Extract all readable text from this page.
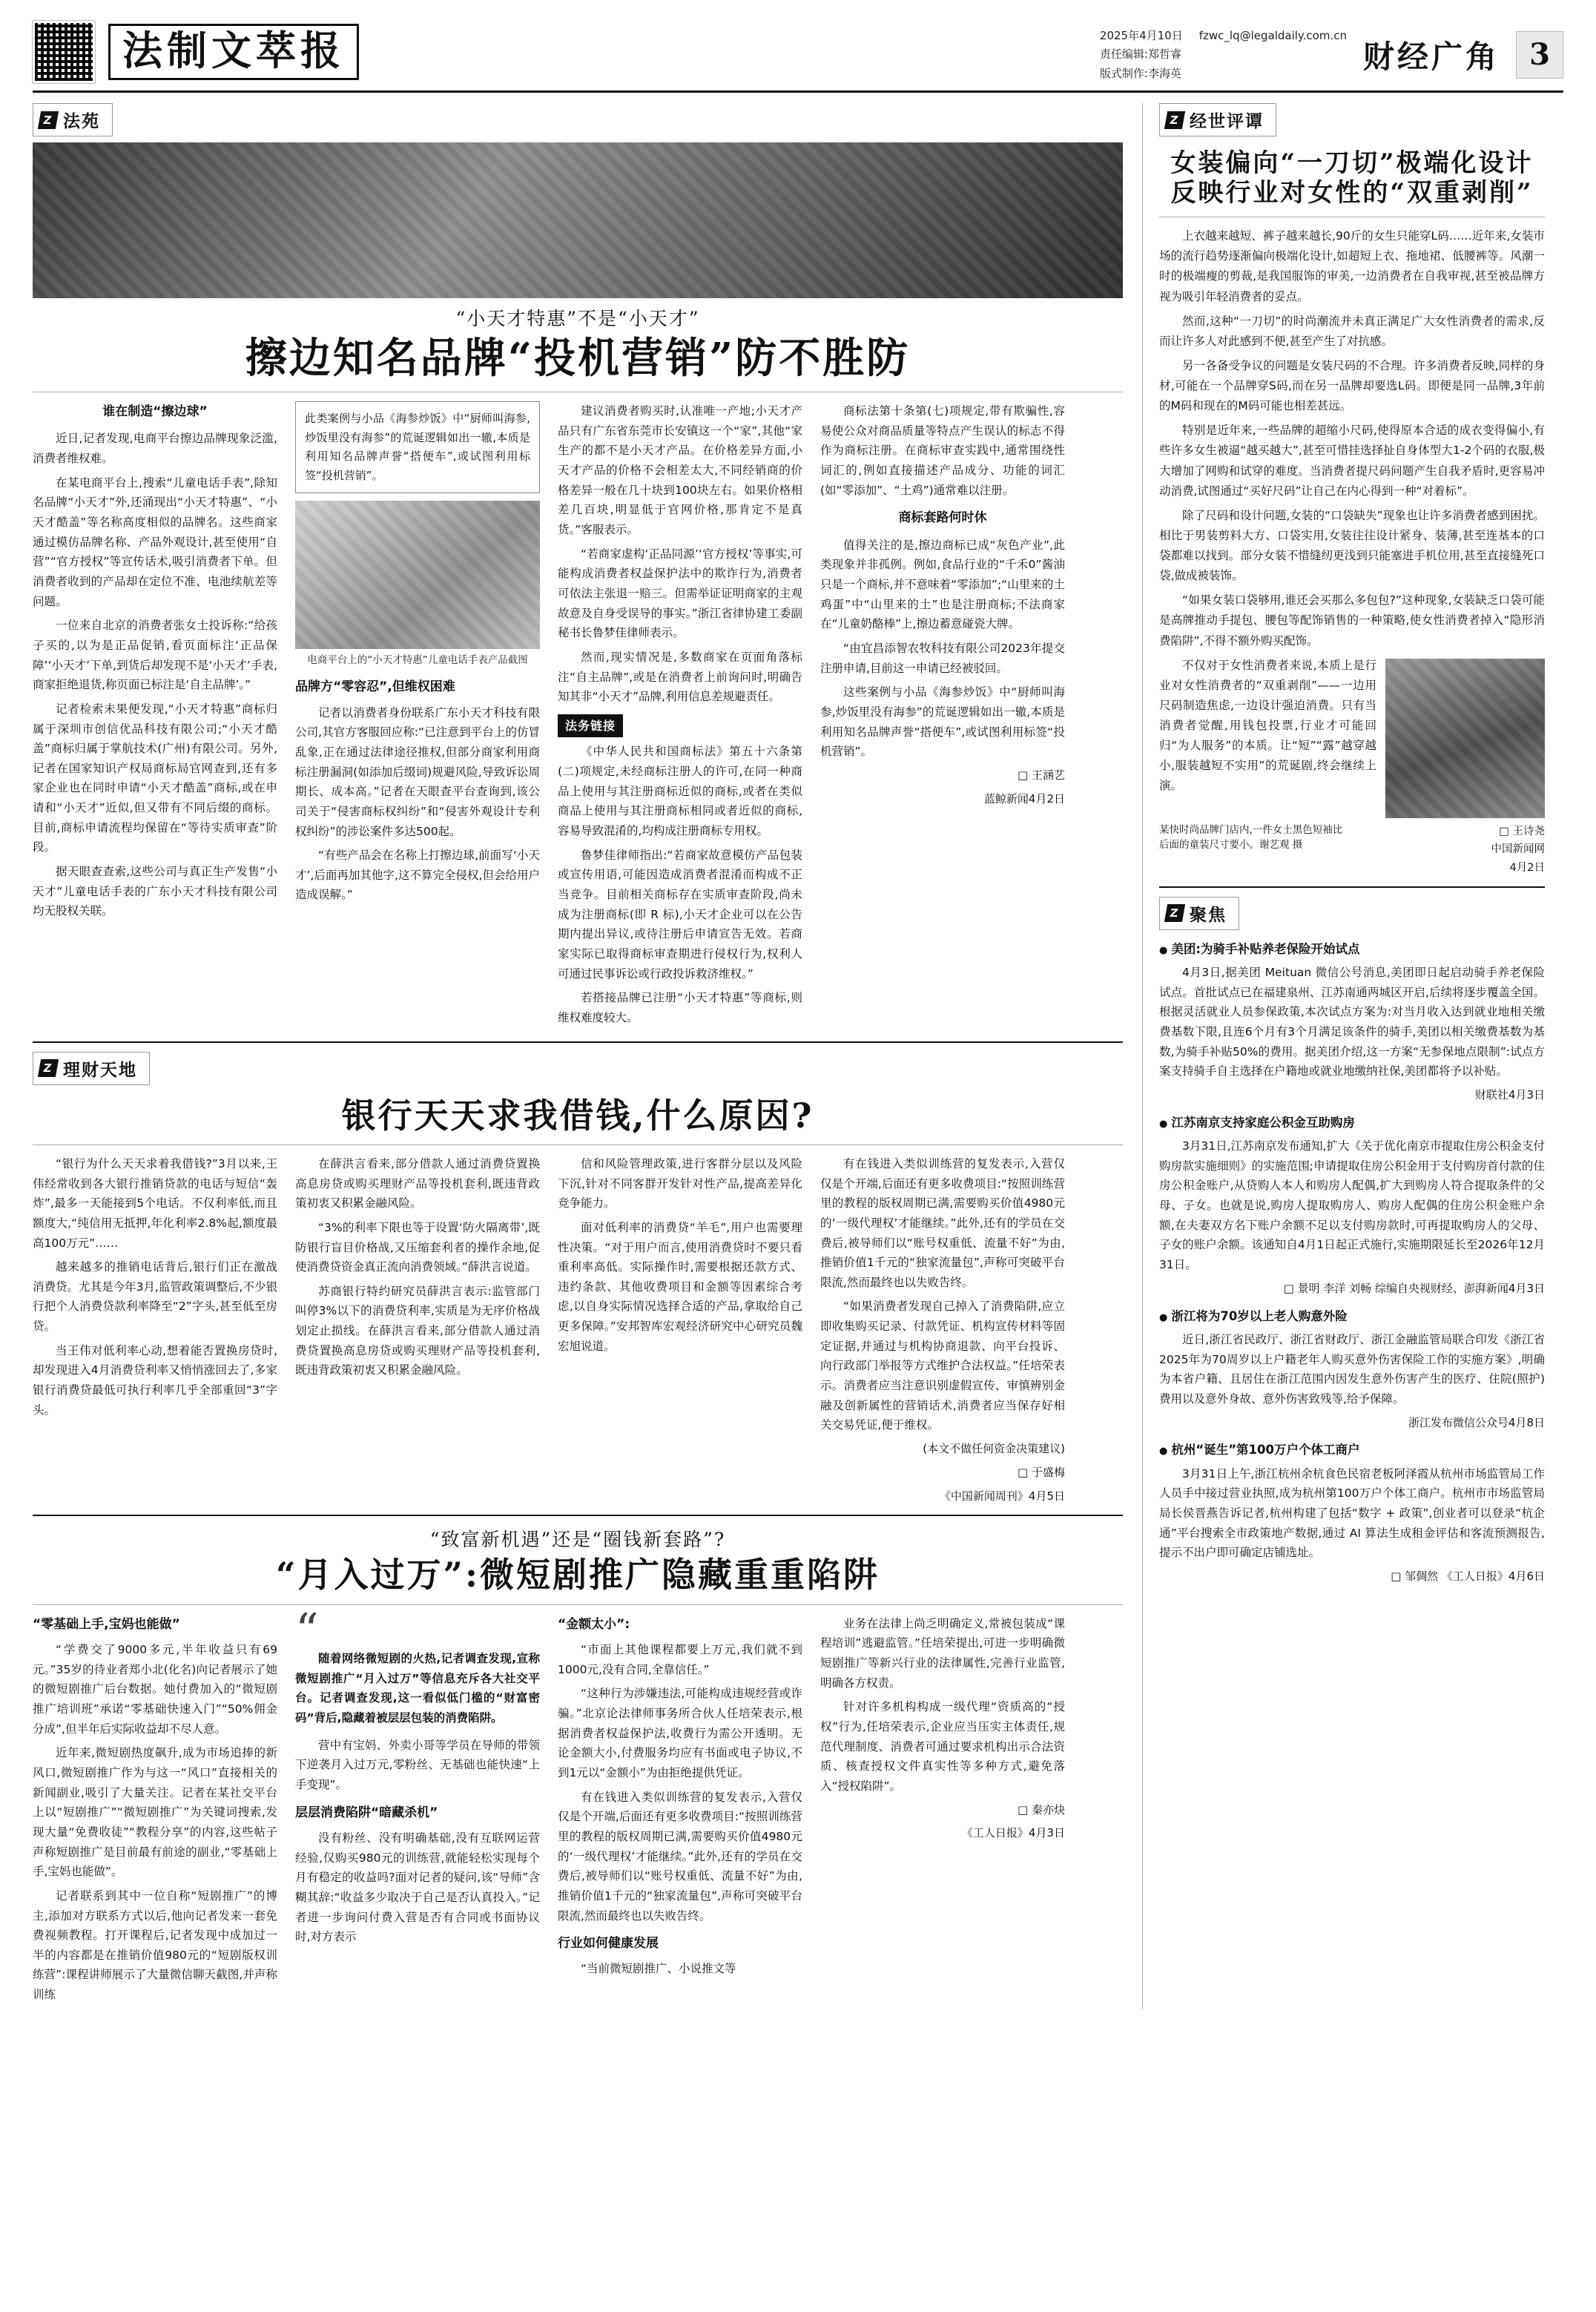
法制文萃报	2025年4月10日
责任编辑:郑哲睿
版式制作:李海英
fzwc_lq@legaldaily.com.cn
财经广角	3
Z 法苑
“小天才特惠”不是“小天才”
擦边知名品牌“投机营销”防不胜防

谁在制造“擦边球”

近日,记者发现,电商平台擦边品牌现象泛滥,消费者维权难。

在某电商平台上,搜索“儿童电话手表”,除知名品牌“小天才”外,还涌现出“小天才特惠”、“小天才酷盖”等名称高度相似的品牌名。这些商家通过模仿品牌名称、产品外观设计,甚至使用“自营”“官方授权”等宣传话术,吸引消费者下单。但消费者收到的产品却在定位不准、电池续航差等问题。

一位来自北京的消费者张女士投诉称:“给孩子买的,以为是正品促销,看页面标注‘正品保障’‘小天才’下单,到货后却发现不是‘小天才’手表,商家拒绝退货,称页面已标注是‘自主品牌’。”

记者检索未果便发现,“小天才特惠”商标归属于深圳市创信优品科技有限公司;“小天才酷盖”商标归属于掌航技术(广州)有限公司。另外,记者在国家知识产权局商标局官网查到,还有多家企业也在同时申请“小天才酷盖”商标,或在申请和“小天才”近似,但又带有不同后缀的商标。目前,商标申请流程均保留在“等待实质审查”阶段。

据天眼查查索,这些公司与真正生产发售“小天才”儿童电话手表的广东小天才科技有限公司均无股权关联。

此类案例与小品《海参炒饭》中“厨师叫海参,炒饭里没有海参”的荒诞逻辑如出一辙,本质是利用知名品牌声誉“搭便车”,或试图利用标签“投机营销”。
电商平台上的“小天才特惠”儿童电话手表产品截图

品牌方“零容忍”,但维权困难

记者以消费者身份联系广东小天才科技有限公司,其官方客服回应称:“已注意到平台上的仿冒乱象,正在通过法律途径推权,但部分商家利用商标注册漏洞(如添加后缀词)规避风险,导致诉讼周期长、成本高。”记者在天眼查平台查询到,该公司关于“侵害商标权纠纷”和“侵害外观设计专利权纠纷”的涉讼案件多达500起。

“有些产品会在名称上打擦边球,前面写‘小天才’,后面再加其他字,这不算完全侵权,但会给用户造成误解。”

建议消费者购买时,认准唯一产地;小天才产品只有广东省东莞市长安镇这一个“家”,其他“家生产的都不是小天才产品。在价格差异方面,小天才产品的价格不会相差太大,不同经销商的价格差异一般在几十块到100块左右。如果价格相差几百块,明显低于官网价格,那肯定不是真货。”客服表示。

“若商家虚构‘正品同源’‘官方授权’等事实,可能构成消费者权益保护法中的欺诈行为,消费者可依法主张退一赔三。但需举证证明商家的主观故意及自身受误导的事实。”浙江省律协建工委副秘书长鲁梦佳律师表示。

然而,现实情况是,多数商家在页面角落标注“自主品牌”,或是在消费者上前询问时,明确告知其非“小天才”品牌,利用信息差规避责任。

法务链接

《中华人民共和国商标法》第五十六条第(二)项规定,未经商标注册人的许可,在同一种商品上使用与其注册商标近似的商标,或者在类似商品上使用与其注册商标相同或者近似的商标,容易导致混淆的,均构成注册商标专用权。

鲁梦佳律师指出:“若商家故意模仿产品包装或宣传用语,可能因造成消费者混淆而构成不正当竞争。目前相关商标存在实质审查阶段,尚未成为注册商标(即 R 标),小天才企业可以在公告期内提出异议,或待注册后申请宣告无效。若商家实际已取得商标审查期进行侵权行为,权利人可通过民事诉讼或行政投诉救济维权。”

若搭接品牌已注册“小天才特惠”等商标,则维权难度较大。

商标法第十条第(七)项规定,带有欺骗性,容易使公众对商品质量等特点产生误认的标志不得作为商标注册。在商标审查实践中,通常围绕性词汇的,例如直接描述产品成分、功能的词汇(如“零添加”、“土鸡”)通常难以注册。

商标套路何时休

值得关注的是,擦边商标已成“灰色产业”,此类现象并非孤例。例如,食品行业的“千禾0”酱油只是一个商标,并不意味着“零添加”;“山里来的土鸡蛋”中“山里来的土”也是注册商标;不法商家在“儿童奶酪棒”上,擦边蓄意碰瓷大牌。

“由宜昌添智农牧科技有限公司2023年提交注册申请,目前这一申请已经被驳回。

这些案例与小品《海参炒饭》中“厨师叫海参,炒饭里没有海参”的荒诞逻辑如出一辙,本质是利用知名品牌声誉“搭便车”,或试图利用标签“投机营销”。

□ 王涵艺
蓝鲸新闻4月2日
Z 理财天地
银行天天求我借钱,什么原因?

“银行为什么天天求着我借钱?”3月以来,王伟经常收到各大银行推销贷款的电话与短信“轰炸”,最多一天能接到5个电话。不仅利率低,而且额度大,“纯信用无抵押,年化利率2.8%起,额度最高100万元”……

越来越多的推销电话背后,银行们正在激战消费贷。尤其是今年3月,监管政策调整后,不少银行把个人消费贷款利率降至“2”字头,甚至低至房贷。

当王伟对低利率心动,想着能否置换房贷时,却发现进入4月消费贷利率又悄悄涨回去了,多家银行消费贷最低可执行利率几乎全部重回“3”字头。

在薛洪言看来,部分借款人通过消费贷置换高息房贷或购买理财产品等投机套利,既违背政策初衷又积累金融风险。

“3%的利率下限也等于设置‘防火隔离带’,既防银行盲目价格战,又压缩套利者的操作余地,促使消费贷资金真正流向消费领域。”薛洪言说道。

苏商银行特约研究员薛洪言表示:监管部门叫停3%以下的消费贷利率,实质是为无序价格战划定止损线。在薛洪言看来,部分借款人通过消费贷置换高息房贷或购买理财产品等投机套利,既违背政策初衷又积累金融风险。

信和风险管理政策,进行客群分层以及风险下沉,针对不同客群开发针对性产品,提高差异化竞争能力。

面对低利率的消费贷“羊毛”,用户也需要理性决策。“对于用户而言,使用消费贷时不要只看重利率高低。实际操作时,需要根据还款方式、违约条款、其他收费项目和金额等因素综合考虑,以自身实际情况选择合适的产品,拿取给自己更多保障。”安邦智库宏观经济研究中心研究员魏宏旭说道。

有在钱进入类似训练营的复发表示,入营仅仅是个开端,后面还有更多收费项目:“按照训练营里的教程的版权周期已满,需要购买价值4980元的‘一级代理权’才能继续。”此外,还有的学员在交费后,被导师们以“账号权重低、流量不好”为由,推销价值1千元的“独家流量包”,声称可突破平台限流,然而最终也以失败告终。

“如果消费者发现自己掉入了消费陷阱,应立即收集购买记录、付款凭证、机构宣传材料等固定证据,并通过与机构协商退款、向平台投诉、向行政部门举报等方式维护合法权益。”任培荣表示。消费者应当注意识别虚假宣传、审慎辨别金融及创新属性的营销话术,消费者应当保存好相关交易凭证,便于维权。

(本文不做任何资金决策建议)
□ 于盛梅
《中国新闻周刊》4月5日
“致富新机遇”还是“圈钱新套路”?
“月入过万”:微短剧推广隐藏重重陷阱

“零基础上手,宝妈也能做”

“学费交了9000多元,半年收益只有69元。”35岁的待业者郑小北(化名)向记者展示了她的微短剧推广后台数据。她付费加入的“微短剧推广培训班”承诺“零基础快速入门”“50%佣金分成”,但半年后实际收益却不尽人意。

近年来,微短剧热度飙升,成为市场追捧的新风口,微短剧推广作为与这一“风口”直接相关的新闻副业,吸引了大量关注。记者在某社交平台上以“短剧推广”“微短剧推广”为关键词搜索,发现大量“免费收徒”“教程分享”的内容,这些帖子声称短剧推广是目前最有前途的副业,“零基础上手,宝妈也能做”。

记者联系到其中一位自称“短剧推广”的博主,添加对方联系方式以后,他向记者发来一套免费视频教程。打开课程后,记者发现中成加过一半的内容都是在推销价值980元的“短剧版权训练营”:课程讲师展示了大量微信聊天截图,并声称训练

“

随着网络微短剧的火热,记者调查发现,宣称微短剧推广“月入过万”等信息充斥各大社交平台。记者调查发现,这一看似低门槛的“财富密码”背后,隐藏着被层层包装的消费陷阱。

营中有宝妈、外卖小哥等学员在导师的带领下逆袭月入过万元,零粉丝、无基础也能快速“上手变现”。

层层消费陷阱“暗藏杀机”

没有粉丝、没有明确基础,没有互联网运营经验,仅购买980元的训练营,就能轻松实现每个月有稳定的收益吗?面对记者的疑问,该“导师”含糊其辞:“收益多少取决于自己是否认真投入。”记者进一步询问付费入营是否有合同或书面协议时,对方表示

“金额太小”:

“市面上其他课程都要上万元,我们就不到1000元,没有合同,全靠信任。”

“这种行为涉嫌违法,可能构成违规经营或诈骗。”北京论法律师事务所合伙人任培荣表示,根据消费者权益保护法,收费行为需公开透明。无论金额大小,付费服务均应有书面或电子协议,不到1元以“金额小”为由拒绝提供凭证。

有在钱进入类似训练营的复发表示,入营仅仅是个开端,后面还有更多收费项目:“按照训练营里的教程的版权周期已满,需要购买价值4980元的‘一级代理权’才能继续。”此外,还有的学员在交费后,被导师们以“账号权重低、流量不好”为由,推销价值1千元的“独家流量包”,声称可突破平台限流,然而最终也以失败告终。

行业如何健康发展

“当前微短剧推广、小说推文等

业务在法律上尚乏明确定义,常被包装成“课程培训”逃避监管。”任培荣提出,可进一步明确微短剧推广等新兴行业的法律属性,完善行业监管,明确各方权责。

针对许多机构构成一级代理“资质高的“授权”行为,任培荣表示,企业应当压实主体责任,规范代理制度、消费者可通过要求机构出示合法资质、核查授权文件真实性等多种方式,避免落入“授权陷阱”。

□ 秦亦炔
《工人日报》4月3日
Z 经世评谭
女装偏向“一刀切”极端化设计
反映行业对女性的“双重剥削”

上衣越来越短、裤子越来越长,90斤的女生只能穿L码……近年来,女装市场的流行趋势逐渐偏向极端化设计,如超短上衣、拖地裙、低腰裤等。风潮一时的极端瘦的剪裁,是我国服饰的审美,一边消费者在自我审视,甚至被品牌方视为吸引年轻消费者的妥点。

然而,这种“一刀切”的时尚潮流并未真正满足广大女性消费者的需求,反而让许多人对此感到不便,甚至产生了对抗感。

另一各备受争议的问题是女装尺码的不合理。许多消费者反映,同样的身材,可能在一个品牌穿S码,而在另一品牌却要选L码。即便是同一品牌,3年前的M码和现在的M码可能也相差甚远。

特别是近年来,一些品牌的超缩小尺码,使得原本合适的成衣变得偏小,有些许多女生被逼“越买越大”,甚至可惜挂选择扯自身体型大1-2个码的衣服,极大增加了网购和试穿的难度。当消费者提尺码问题产生自我矛盾时,更容易冲动消费,试图通过“买好尺码”让自己在内心得到一种“对着标”。

除了尺码和设计问题,女装的“口袋缺失”现象也让许多消费者感到困扰。相比于男装剪料大方、口袋实用,女装往往设计紧身、装薄,甚至连基本的口袋都难以找到。部分女装不惜缝纫更浅到只能塞进手机位用,甚至直接缝死口袋,做成被装饰。

“如果女装口袋够用,谁还会买那么多包包?”这种现象,女装缺乏口袋可能是高牌推动手提包、腰包等配饰销售的一种策略,使女性消费者掉入“隐形消费陷阱”,不得不额外购买配饰。

不仅对于女性消费者来说,本质上是行业对女性消费者的“双重剥削”——一边用尺码制造焦虑,一边设计强迫消费。只有当消费者觉醒,用钱包投票,行业才可能回归“为人服务”的本质。让“短”“露”越穿越小,服装越短不实用”的荒诞剧,终会继续上演。

某快时尚品牌门店内,一件女士黑色短袖比后面的童装尺寸要小。谢艺观 摄
□ 王诗尧
中国新闻网
4月2日
Z 聚焦
● 美团:为骑手补贴养老保险开始试点

4月3日,据美团 Meituan 微信公号消息,美团即日起启动骑手养老保险试点。首批试点已在福建泉州、江苏南通两城区开启,后续将逐步覆盖全国。根据灵活就业人员参保政策,本次试点方案为:对当月收入达到就业地相关缴费基数下限,且连6个月有3个月满足该条件的骑手,美团以相关缴费基数为基数,为骑手补贴50%的费用。据美团介绍,这一方案“无参保地点限制”:试点方案支持骑手自主选择在户籍地或就业地缴纳社保,美团都将予以补贴。

财联社4月3日
● 江苏南京支持家庭公积金互助购房

3月31日,江苏南京发布通知,扩大《关于优化南京市提取住房公积金支付购房款实施细则》的实施范围;申请提取住房公积金用于支付购房首付款的住房公积金账户,从贷购人本人和购房人配偶,扩大到购房人符合提取条件的父母、子女。也就是说,购房人提取购房人、购房人配偶的住房公积金账户余额,在夫妻双方名下账户余额不足以支付购房款时,可再提取购房人的父母、子女的账户余额。该通知自4月1日起正式施行,实施期限延长至2026年12月31日。

□ 景明 李洋 刘畅 综编自央视财经、澎湃新闻4月3日
● 浙江将为70岁以上老人购意外险

近日,浙江省民政厅、浙江省财政厅、浙江金融监管局联合印发《浙江省2025年为70周岁以上户籍老年人购买意外伤害保险工作的实施方案》,明确为本省户籍、且居住在浙江范围内因发生意外伤害产生的医疗、住院(照护)费用以及意外身故、意外伤害致残等,给予保障。

浙江发布微信公众号4月8日
● 杭州“诞生”第100万户个体工商户

3月31日上午,浙江杭州余杭食色民宿老板阿泽霞从杭州市场监管局工作人员手中接过营业执照,成为杭州第100万户个体工商户。杭州市市场监管局局长侯晋燕告诉记者,杭州构建了包括“数字 + 政策”,创业者可以登录“杭企通”平台搜索全市政策地产数据,通过 AI 算法生成租金评估和客流预测报告,提示不出户即可确定店铺选址。

□ 邹倜然 《工人日报》4月6日
